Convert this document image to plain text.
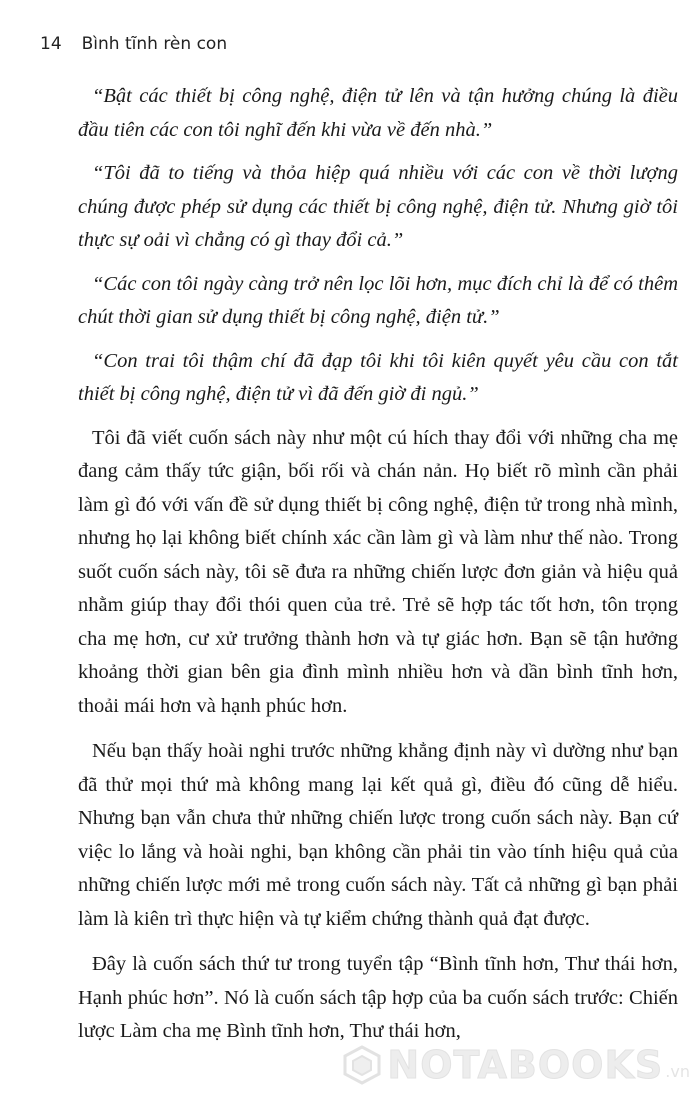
14 Bình tĩnh rèn con

“Bật các thiết bị công nghệ, điện tử lên và tận hưởng chúng là điều đầu tiên các con tôi nghĩ đến khi vừa về đến nhà.”

“Tôi đã to tiếng và thỏa hiệp quá nhiều với các con về thời lượng chúng được phép sử dụng các thiết bị công nghệ, điện tử. Nhưng giờ tôi thực sự oải vì chẳng có gì thay đổi cả.”

“Các con tôi ngày càng trở nên lọc lõi hơn, mục đích chỉ là để có thêm chút thời gian sử dụng thiết bị công nghệ, điện tử.”

“Con trai tôi thậm chí đã đạp tôi khi tôi kiên quyết yêu cầu con tắt thiết bị công nghệ, điện tử vì đã đến giờ đi ngủ.”

Tôi đã viết cuốn sách này như một cú hích thay đổi với những cha mẹ đang cảm thấy tức giận, bối rối và chán nản. Họ biết rõ mình cần phải làm gì đó với vấn đề sử dụng thiết bị công nghệ, điện tử trong nhà mình, nhưng họ lại không biết chính xác cần làm gì và làm như thế nào. Trong suốt cuốn sách này, tôi sẽ đưa ra những chiến lược đơn giản và hiệu quả nhằm giúp thay đổi thói quen của trẻ. Trẻ sẽ hợp tác tốt hơn, tôn trọng cha mẹ hơn, cư xử trưởng thành hơn và tự giác hơn. Bạn sẽ tận hưởng khoảng thời gian bên gia đình mình nhiều hơn và dần bình tĩnh hơn, thoải mái hơn và hạnh phúc hơn.

Nếu bạn thấy hoài nghi trước những khẳng định này vì dường như bạn đã thử mọi thứ mà không mang lại kết quả gì, điều đó cũng dễ hiểu. Nhưng bạn vẫn chưa thử những chiến lược trong cuốn sách này. Bạn cứ việc lo lắng và hoài nghi, bạn không cần phải tin vào tính hiệu quả của những chiến lược mới mẻ trong cuốn sách này. Tất cả những gì bạn phải làm là kiên trì thực hiện và tự kiểm chứng thành quả đạt được.

Đây là cuốn sách thứ tư trong tuyển tập “Bình tĩnh hơn, Thư thái hơn, Hạnh phúc hơn”. Nó là cuốn sách tập hợp của ba cuốn sách trước: Chiến lược Làm cha mẹ Bình tĩnh hơn, Thư thái hơn,

NOTABOOKS .vn
